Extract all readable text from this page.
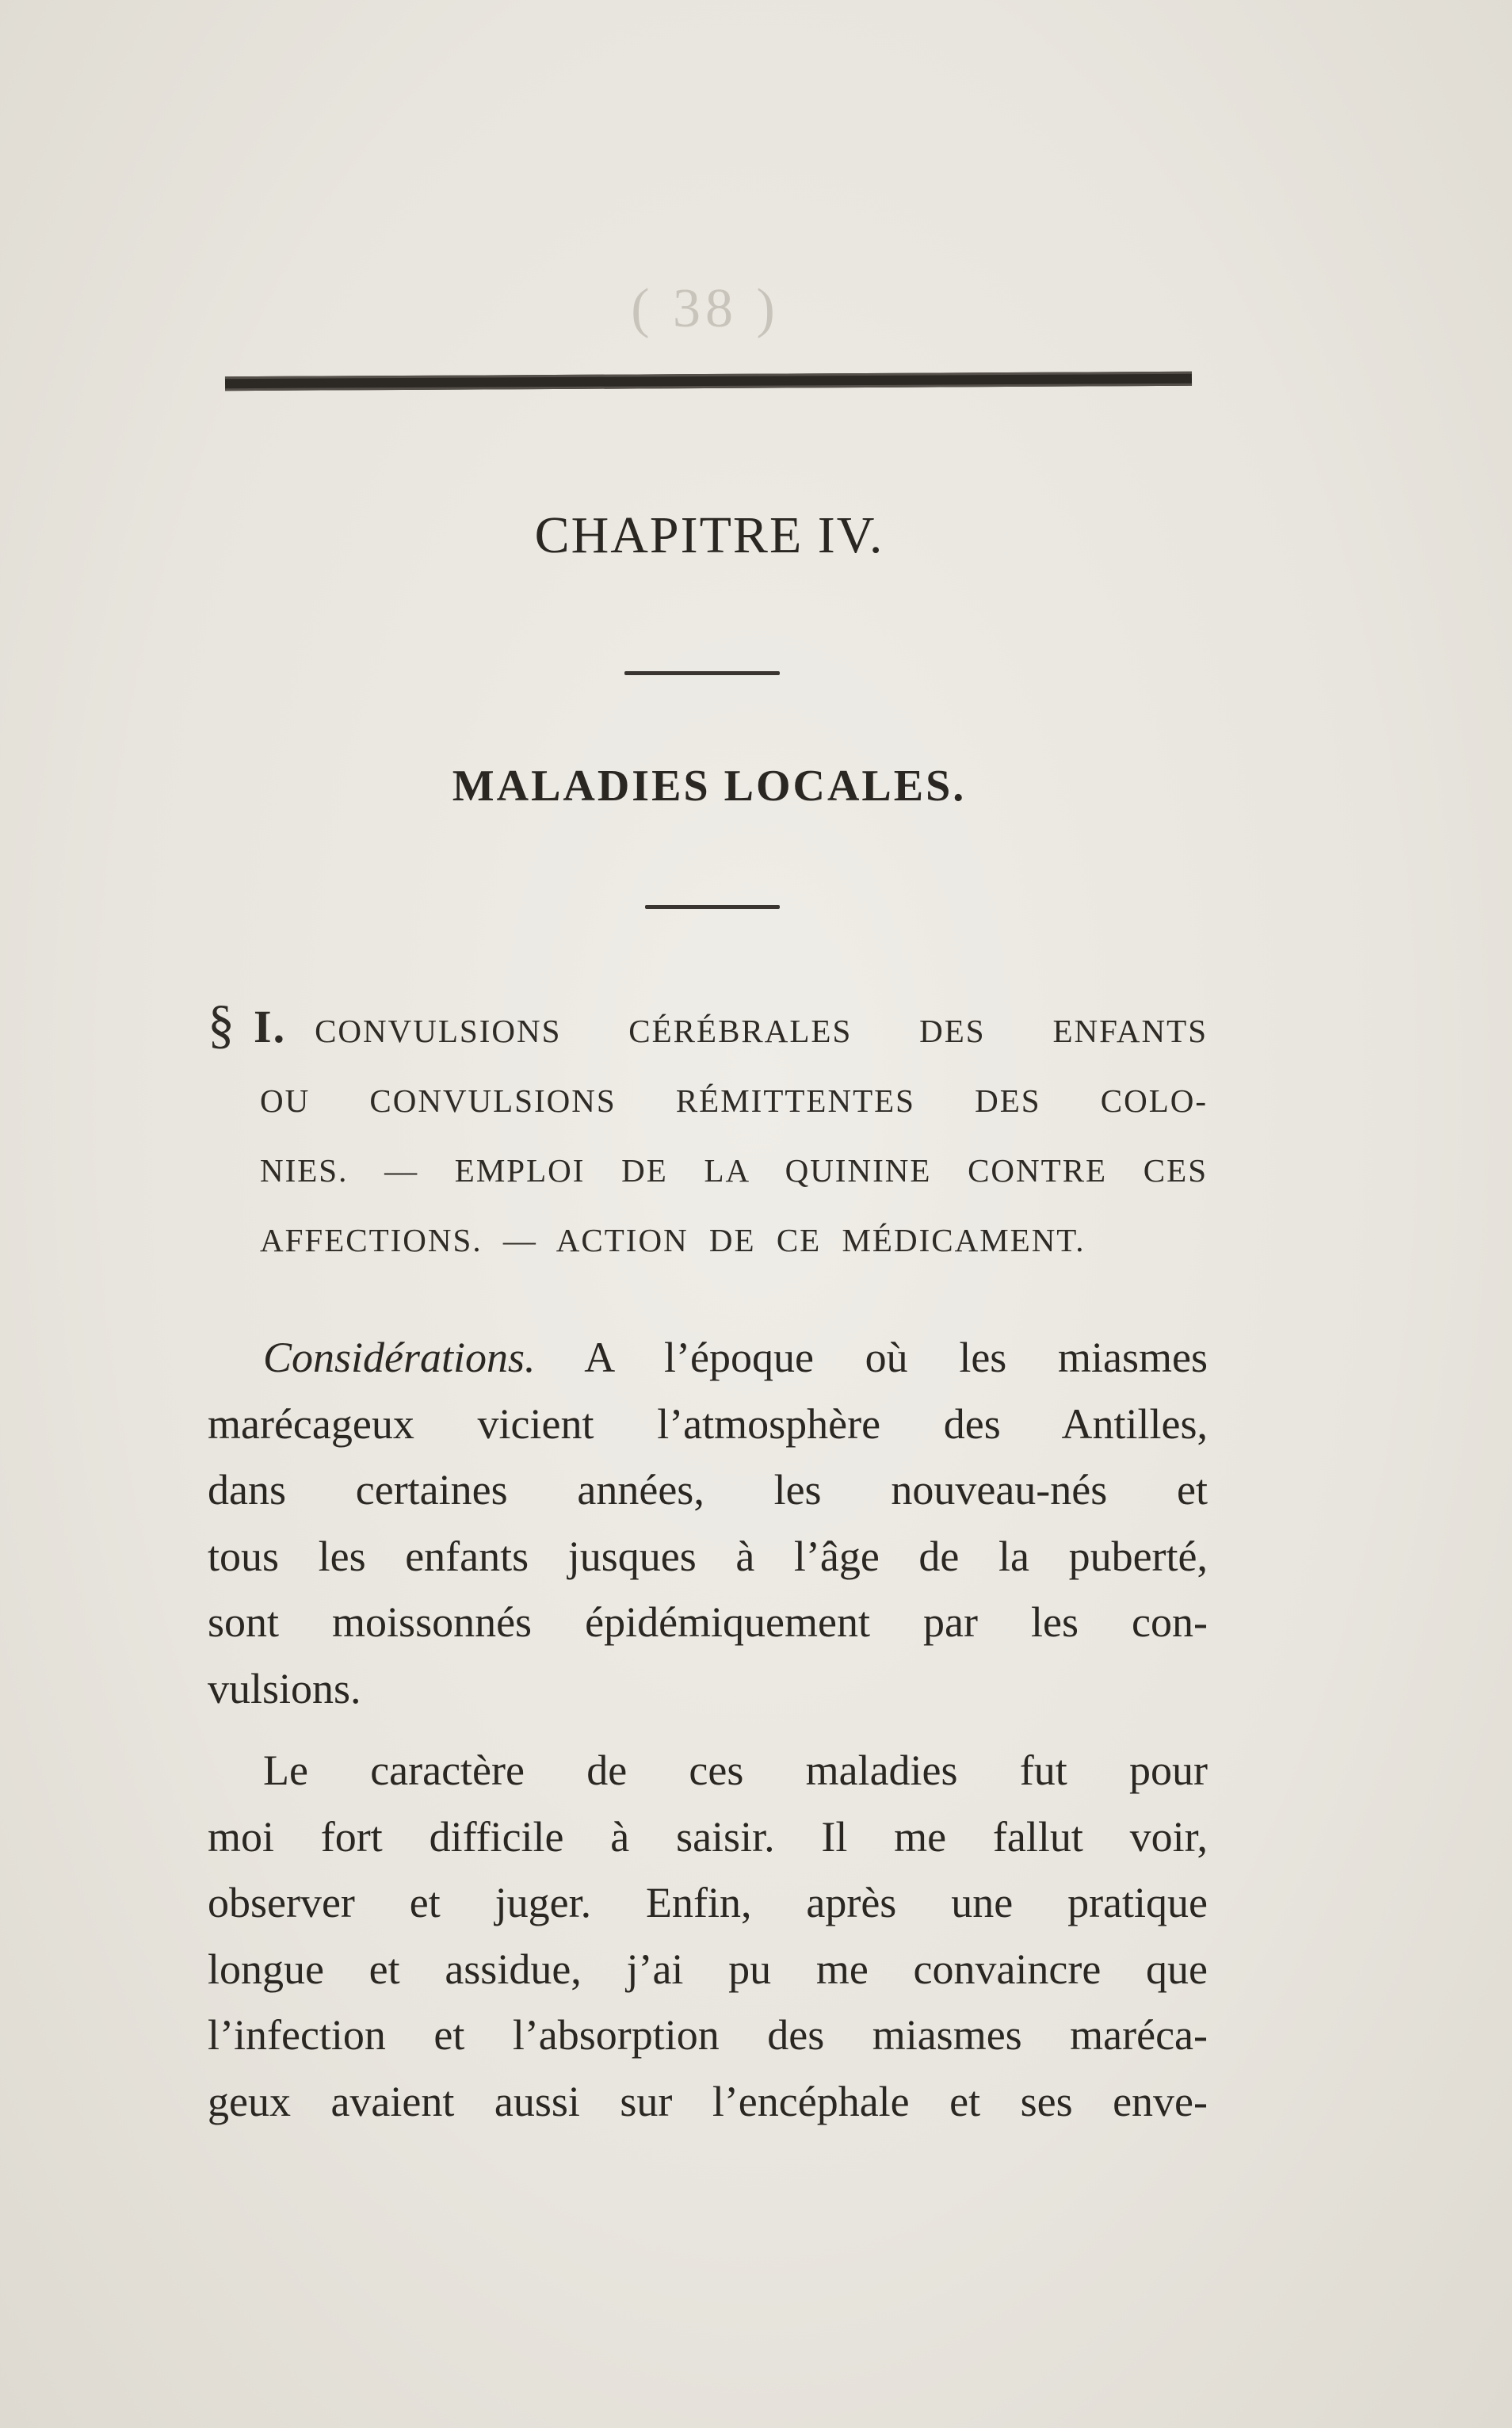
( 38 )
CHAPITRE IV.
MALADIES LOCALES.
§ I. CONVULSIONS CÉRÉBRALES DES ENFANTS
OU CONVULSIONS RÉMITTENTES DES COLO-
NIES. — EMPLOI DE LA QUININE CONTRE CES
AFFECTIONS. — ACTION DE CE MÉDICAMENT.
Considérations. A l’époque où les miasmes
marécageux vicient l’atmosphère des Antilles,
dans certaines années, les nouveau-nés et
tous les enfants jusques à l’âge de la puberté,
sont moissonnés épidémiquement par les con-
vulsions.
Le caractère de ces maladies fut pour
moi fort difficile à saisir. Il me fallut voir,
observer et juger. Enfin, après une pratique
longue et assidue, j’ai pu me convaincre que
l’infection et l’absorption des miasmes maréca-
geux avaient aussi sur l’encéphale et ses enve-
